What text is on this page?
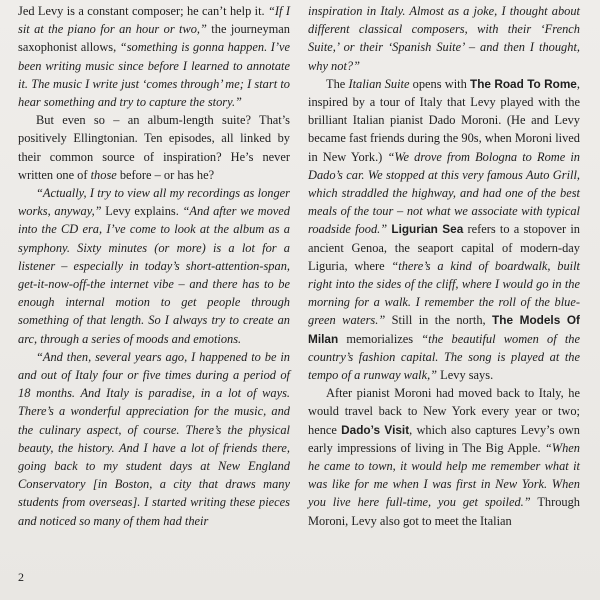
Jed Levy is a constant composer; he can’t help it. “If I sit at the piano for an hour or two,” the journeyman saxophonist allows, “something is gonna happen. I’ve been writing music since before I learned to annotate it. The music I write just ‘comes through’ me; I start to hear something and try to capture the story.”

But even so – an album-length suite? That’s positively Ellingtonian. Ten episodes, all linked by their common source of inspiration? He’s never written one of those before – or has he?

“Actually, I try to view all my recordings as longer works, anyway,” Levy explains. “And after we moved into the CD era, I’ve come to look at the album as a symphony. Sixty minutes (or more) is a lot for a listener – especially in today’s short-attention-span, get-it-now-off-the internet vibe – and there has to be enough internal motion to get people through something of that length. So I always try to create an arc, through a series of moods and emotions.

“And then, several years ago, I happened to be in and out of Italy four or five times during a period of 18 months. And Italy is paradise, in a lot of ways. There’s a wonderful appreciation for the music, and the culinary aspect, of course. There’s the physical beauty, the history. And I have a lot of friends there, going back to my student days at New England Conservatory [in Boston, a city that draws many students from overseas]. I started writing these pieces and noticed so many of them had their

inspiration in Italy. Almost as a joke, I thought about different classical composers, with their ‘French Suite,’ or their ‘Spanish Suite’ – and then I thought, why not?”

The Italian Suite opens with The Road To Rome, inspired by a tour of Italy that Levy played with the brilliant Italian pianist Dado Moroni. (He and Levy became fast friends during the 90s, when Moroni lived in New York.) “We drove from Bologna to Rome in Dado’s car. We stopped at this very famous Auto Grill, which straddled the highway, and had one of the best meals of the tour – not what we associate with typical roadside food.” Ligurian Sea refers to a stopover in ancient Genoa, the seaport capital of modern-day Liguria, where “there’s a kind of boardwalk, built right into the sides of the cliff, where I would go in the morning for a walk. I remember the roll of the blue-green waters.” Still in the north, The Models Of Milan memorializes “the beautiful women of the country’s fashion capital. The song is played at the tempo of a runway walk,” Levy says.

After pianist Moroni had moved back to Italy, he would travel back to New York every year or two; hence Dado’s Visit, which also captures Levy’s own early impressions of living in The Big Apple. “When he came to town, it would help me remember what it was like for me when I was first in New York. When you live here full-time, you get spoiled.” Through Moroni, Levy also got to meet the Italian

2
